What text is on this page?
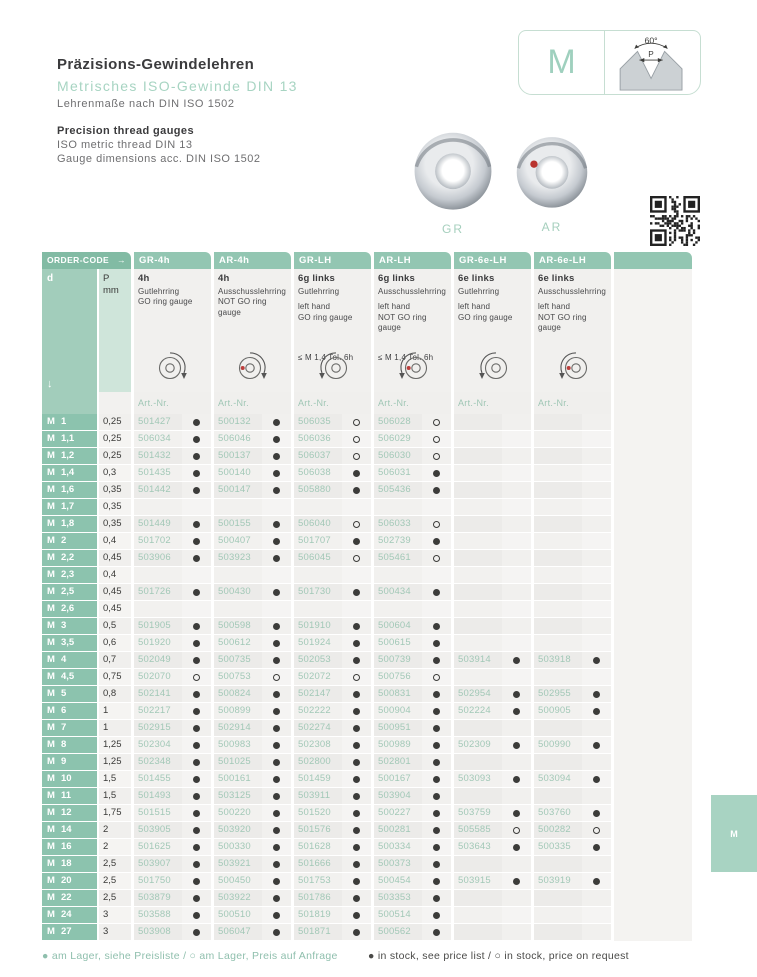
Präzisions-Gewindelehren
Metrisches ISO-Gewinde DIN 13
Lehrenmaße nach DIN ISO 1502
Precision thread gauges
ISO metric thread DIN 13
Gauge dimensions acc. DIN ISO 1502
M
60°
P
GR	AR
ORDER-CODE →	GR-4h	AR-4h	GR-LH	AR-LH	GR-6e-LH	AR-6e-LH
d
↓
P
mm
4h
Gutlehrring
GO ring gauge
Art.-Nr.
4h
Ausschusslehrring
NOT GO ring gauge
Art.-Nr.
6g links
Gutlehrring
left hand
GO ring gauge
≤ M 1,4 Tol. 6h
Art.-Nr.
6g links
Ausschusslehrring
left hand
NOT GO ring gauge
≤ M 1,4 Tol. 6h
Art.-Nr.
6e links
Gutlehrring
left hand
GO ring gauge
Art.-Nr.
6e links
Ausschusslehrring
left hand
NOT GO ring gauge
Art.-Nr.
M 1	0,25	501427	500132	506035	506028
M 1,1	0,25	506034	506046	506036	506029
M 1,2	0,25	501432	500137	506037	506030
M 1,4	0,3	501435	500140	506038	506031
M 1,6	0,35	501442	500147	505880	505436
M 1,7	0,35
M 1,8	0,35	501449	500155	506040	506033
M 2	0,4	501702	500407	501707	502739
M 2,2	0,45	503906	503923	506045	505461
M 2,3	0,4
M 2,5	0,45	501726	500430	501730	500434
M 2,6	0,45
M 3	0,5	501905	500598	501910	500604
M 3,5	0,6	501920	500612	501924	500615
M 4	0,7	502049	500735	502053	500739	503914	503918
M 4,5	0,75	502070	500753	502072	500756
M 5	0,8	502141	500824	502147	500831	502954	502955
M 6	1	502217	500899	502222	500904	502224	500905
M 7	1	502915	502914	502274	500951
M 8	1,25	502304	500983	502308	500989	502309	500990
M 9	1,25	502348	501025	502800	502801
M 10	1,5	501455	500161	501459	500167	503093	503094
M 11	1,5	501493	503125	503911	503904
M 12	1,75	501515	500220	501520	500227	503759	503760
M 14	2	503905	503920	501576	500281	505585	500282
M 16	2	501625	500330	501628	500334	503643	500335
M 18	2,5	503907	503921	501666	500373
M 20	2,5	501750	500450	501753	500454	503915	503919
M 22	2,5	503879	503922	501786	503353
M 24	3	503588	500510	501819	500514
M 27	3	503908	506047	501871	500562
● am Lager, siehe Preisliste / ○ am Lager, Preis auf Anfrage	● in stock, see price list / ○ in stock, price on request
M
